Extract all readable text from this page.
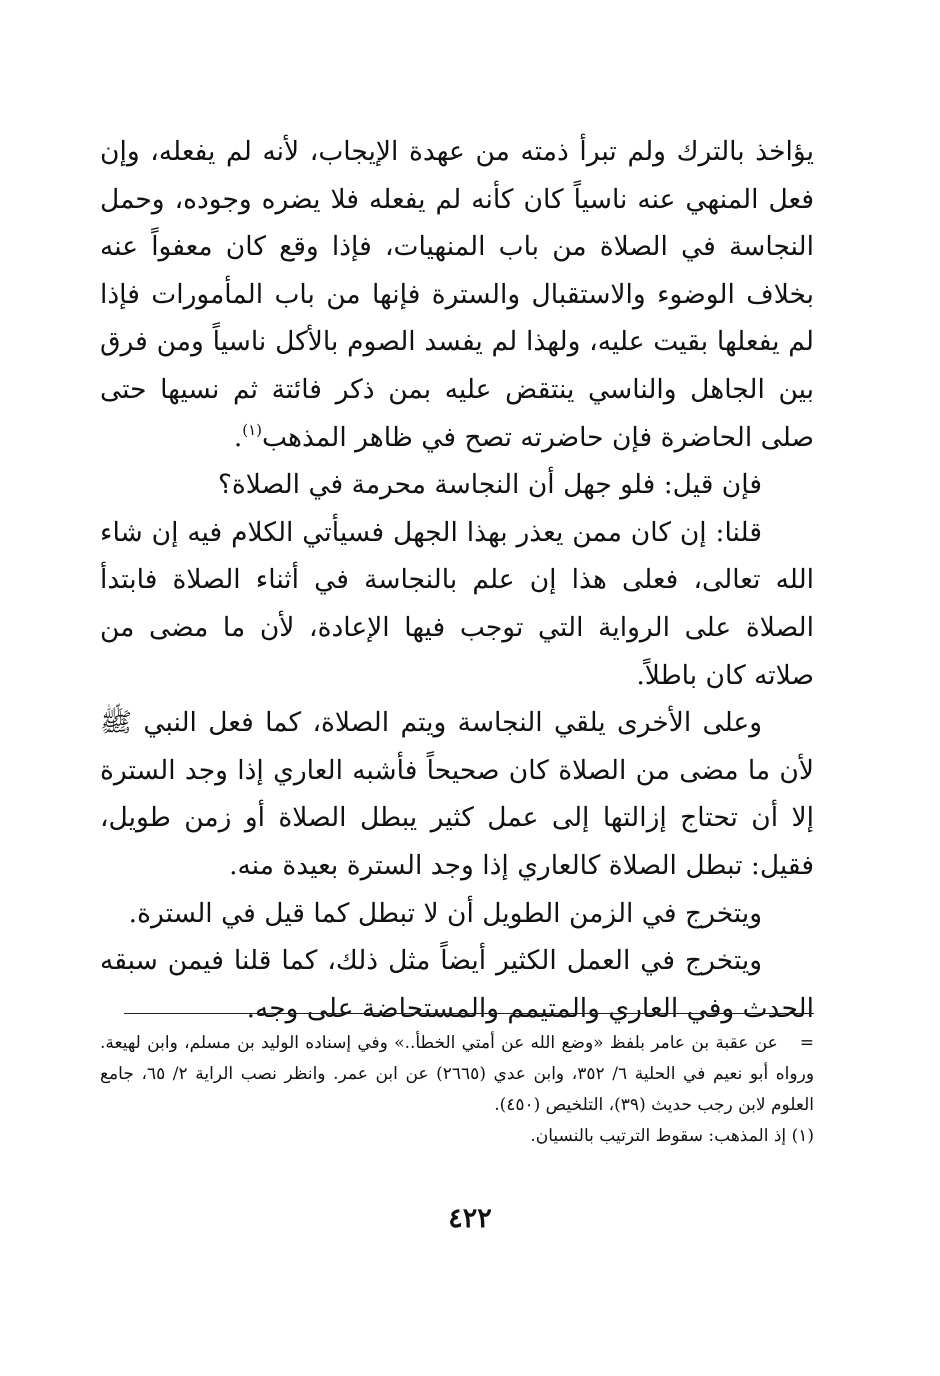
يؤاخذ بالترك ولم تبرأ ذمته من عهدة الإيجاب، لأنه لم يفعله، وإن فعل المنهي عنه ناسياً كان كأنه لم يفعله فلا يضره وجوده، وحمل النجاسة في الصلاة من باب المنهيات، فإذا وقع كان معفواً عنه بخلاف الوضوء والاستقبال والسترة فإنها من باب المأمورات فإذا لم يفعلها بقيت عليه، ولهذا لم يفسد الصوم بالأكل ناسياً ومن فرق بين الجاهل والناسي ينتقض عليه بمن ذكر فائتة ثم نسيها حتى صلى الحاضرة فإن حاضرته تصح في ظاهر المذهب$^{(١)}$.

فإن قيل: فلو جهل أن النجاسة محرمة في الصلاة؟

قلنا: إن كان ممن يعذر بهذا الجهل فسيأتي الكلام فيه إن شاء الله تعالى، فعلى هذا إن علم بالنجاسة في أثناء الصلاة فابتدأ الصلاة على الرواية التي توجب فيها الإعادة، لأن ما مضى من صلاته كان باطلاً.

وعلى الأخرى يلقي النجاسة ويتم الصلاة، كما فعل النبي ﷺ لأن ما مضى من الصلاة كان صحيحاً فأشبه العاري إذا وجد السترة إلا أن تحتاج إزالتها إلى عمل كثير يبطل الصلاة أو زمن طويل، فقيل: تبطل الصلاة كالعاري إذا وجد السترة بعيدة منه.

ويتخرج في الزمن الطويل أن لا تبطل كما قيل في السترة.

ويتخرج في العمل الكثير أيضاً مثل ذلك، كما قلنا فيمن سبقه الحدث وفي العاري والمتيمم والمستحاضة على وجه.

=عن عقبة بن عامر بلفظ «وضع الله عن أمتي الخطأ..» وفي إسناده الوليد بن مسلم، وابن لهيعة. ورواه أبو نعيم في الحلية ٦/ ٣٥٢، وابن عدي (٢٦٦٥) عن ابن عمر. وانظر نصب الراية ٢/ ٦٥، جامع العلوم لابن رجب حديث (٣٩)، التلخيص (٤٥٠).

(١) إذ المذهب: سقوط الترتيب بالنسيان.

٤٢٢
